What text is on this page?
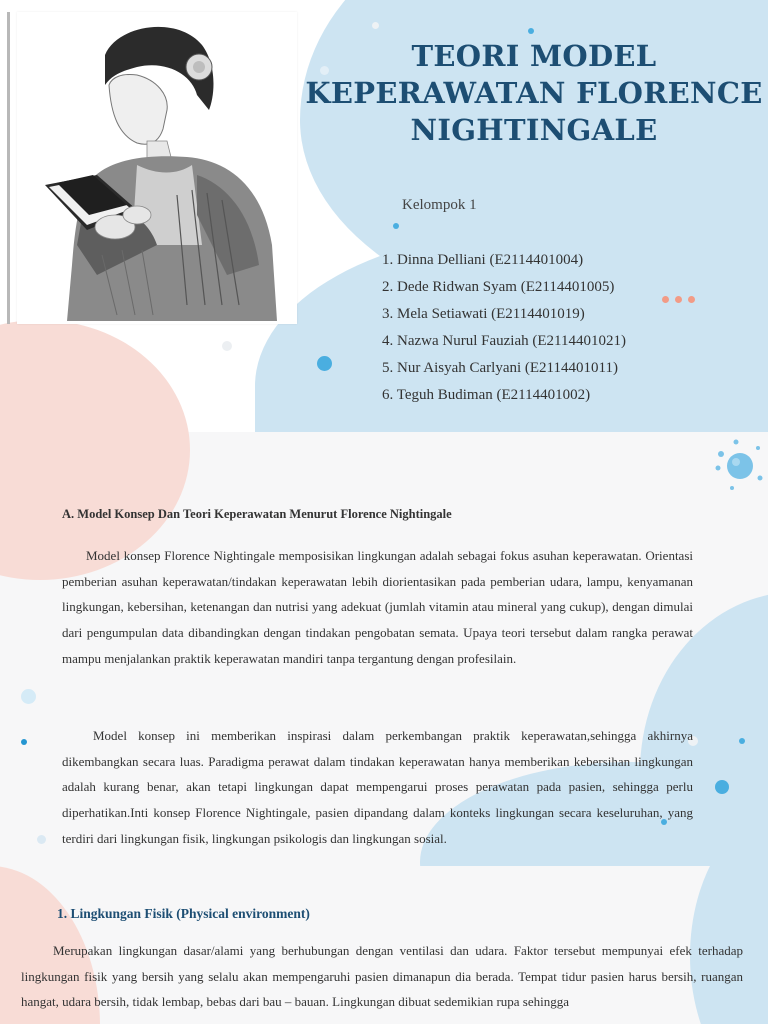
TEORI MODEL KEPERAWATAN FLORENCE NIGHTINGALE
Kelompok 1
1. Dinna Delliani (E2114401004)
2. Dede Ridwan Syam (E2114401005)
3. Mela Setiawati (E2114401019)
4. Nazwa Nurul Fauziah (E2114401021)
5. Nur Aisyah Carlyani (E2114401011)
6. Teguh Budiman (E2114401002)
A. Model Konsep Dan Teori Keperawatan Menurut Florence Nightingale

Model konsep Florence Nightingale memposisikan lingkungan adalah sebagai fokus asuhan keperawatan. Orientasi pemberian asuhan keperawatan/tindakan keperawatan lebih diorientasikan pada pemberian udara, lampu, kenyamanan lingkungan, kebersihan, ketenangan dan nutrisi yang adekuat (jumlah vitamin atau mineral yang cukup), dengan dimulai dari pengumpulan data dibandingkan dengan tindakan pengobatan semata. Upaya teori tersebut dalam rangka perawat mampu menjalankan praktik keperawatan mandiri tanpa tergantung dengan profesilain.

Model konsep ini memberikan inspirasi dalam perkembangan praktik keperawatan,sehingga akhirnya dikembangkan secara luas. Paradigma perawat dalam tindakan keperawatan hanya memberikan kebersihan lingkungan adalah kurang benar, akan tetapi lingkungan dapat mempengarui proses perawatan pada pasien, sehingga perlu diperhatikan.Inti konsep Florence Nightingale, pasien dipandang dalam konteks lingkungan secara keseluruhan, yang terdiri dari lingkungan fisik, lingkungan psikologis dan lingkungan sosial.

1. Lingkungan Fisik (Physical environment)

Merupakan lingkungan dasar/alami yang berhubungan dengan ventilasi dan udara. Faktor tersebut mempunyai efek terhadap lingkungan fisik yang bersih yang selalu akan mempengaruhi pasien dimanapun dia berada. Tempat tidur pasien harus bersih, ruangan hangat, udara bersih, tidak lembap, bebas dari bau – bauan. Lingkungan dibuat sedemikian rupa sehingga
